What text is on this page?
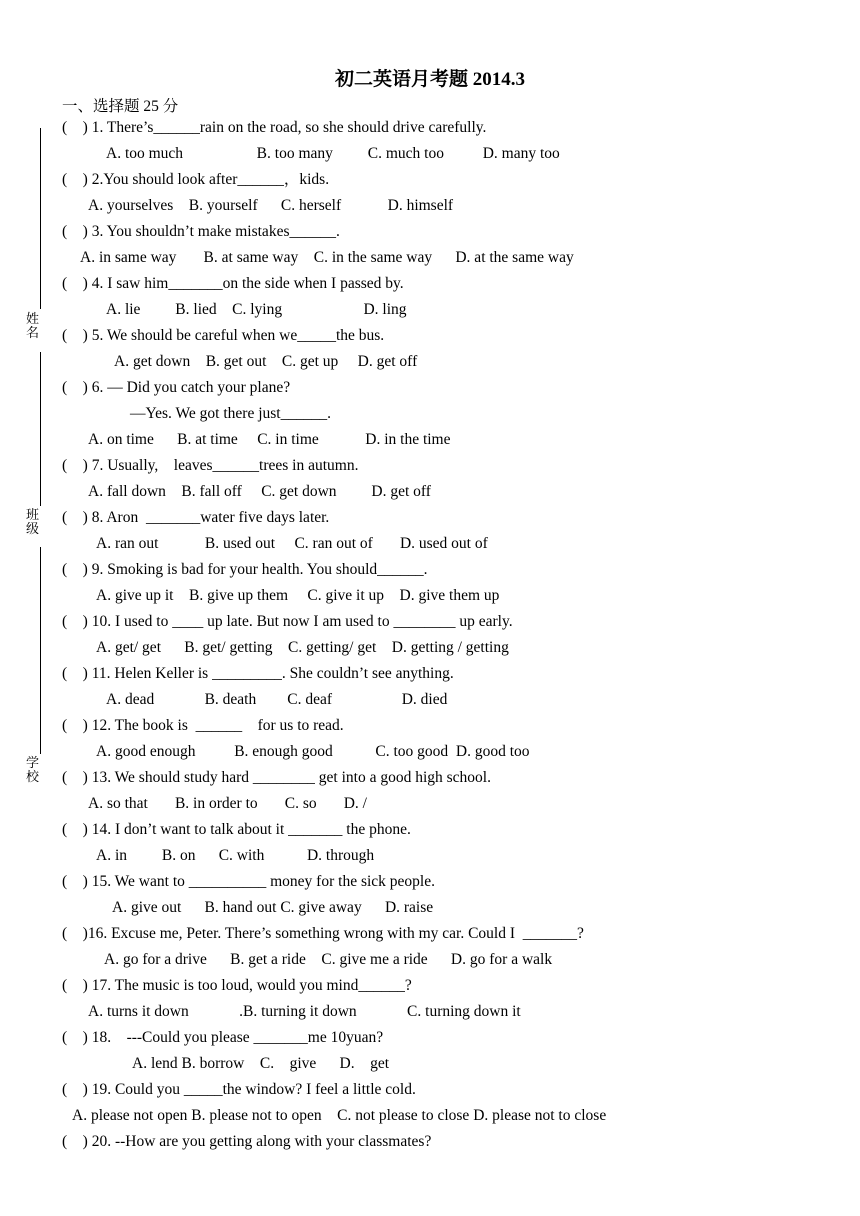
初二英语月考题 2014.3
一、选择题 25 分
姓名
班级
学校
(    ) 1. There’s______rain on the road, so she should drive carefully.
A. too much                   B. too many         C. much too          D. many too
(    ) 2.You should look after______，kids.
A. yourselves    B. yourself      C. herself            D. himself
(    ) 3. You shouldn’t make mistakes______.
A. in same way       B. at same way    C. in the same way      D. at the same way
(    ) 4. I saw him_______on the side when I passed by.
A. lie         B. lied    C. lying                     D. ling
(    ) 5. We should be careful when we_____the bus.
A. get down    B. get out    C. get up     D. get off
(    ) 6. — Did you catch your plane?
—Yes. We got there just______.
A. on time      B. at time     C. in time            D. in the time
(    ) 7. Usually,    leaves______trees in autumn.
A. fall down    B. fall off     C. get down         D. get off
(    ) 8. Aron  _______water five days later.
A. ran out            B. used out     C. ran out of       D. used out of
(    ) 9. Smoking is bad for your health. You should______.
A. give up it    B. give up them     C. give it up    D. give them up
(    ) 10. I used to ____ up late. But now I am used to ________ up early.
A. get/ get      B. get/ getting    C. getting/ get    D. getting / getting
(    ) 11. Helen Keller is _________. She couldn’t see anything.
A. dead             B. death        C. deaf                  D. died
(    ) 12. The book is  ______    for us to read.
A. good enough          B. enough good           C. too good  D. good too
(    ) 13. We should study hard ________ get into a good high school.
A. so that       B. in order to       C. so       D. /
(    ) 14. I don’t want to talk about it _______ the phone.
A. in         B. on      C. with           D. through
(    ) 15. We want to __________ money for the sick people.
A. give out      B. hand out C. give away      D. raise
(    )16. Excuse me, Peter. There’s something wrong with my car. Could I  _______?
A. go for a drive      B. get a ride    C. give me a ride      D. go for a walk
(    ) 17. The music is too loud, would you mind______?
A. turns it down             .B. turning it down             C. turning down it
(    ) 18.    ---Could you please _______me 10yuan?
A. lend B. borrow    C.    give      D.    get
(    ) 19. Could you _____the window? I feel a little cold.
A. please not open B. please not to open    C. not please to close D. please not to close
(    ) 20. --How are you getting along with your classmates?
